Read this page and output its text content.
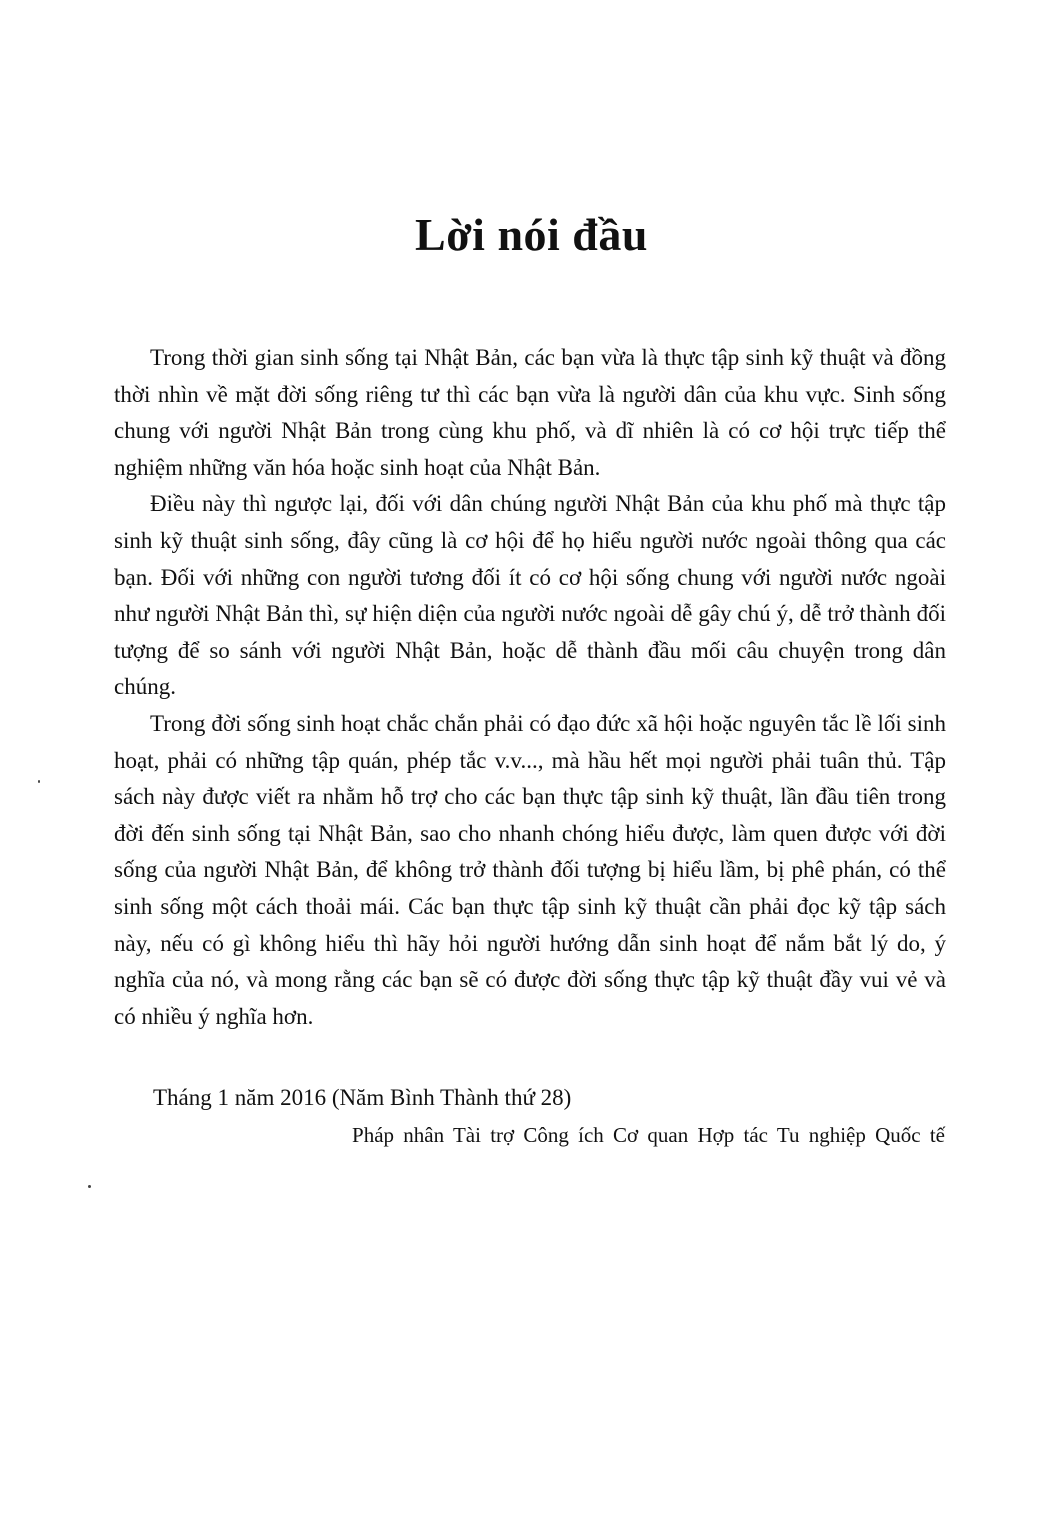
Lời nói đầu

Trong thời gian sinh sống tại Nhật Bản, các bạn vừa là thực tập sinh kỹ thuật và đồng thời nhìn về mặt đời sống riêng tư thì các bạn vừa là người dân của khu vực. Sinh sống chung với người Nhật Bản trong cùng khu phố, và dĩ nhiên là có cơ hội trực tiếp thể nghiệm những văn hóa hoặc sinh hoạt của Nhật Bản.

Điều này thì ngược lại, đối với dân chúng người Nhật Bản của khu phố mà thực tập sinh kỹ thuật sinh sống, đây cũng là cơ hội để họ hiểu người nước ngoài thông qua các bạn. Đối với những con người tương đối ít có cơ hội sống chung với người nước ngoài như người Nhật Bản thì, sự hiện diện của người nước ngoài dễ gây chú ý, dễ trở thành đối tượng để so sánh với người Nhật Bản, hoặc dễ thành đầu mối câu chuyện trong dân chúng.

Trong đời sống sinh hoạt chắc chắn phải có đạo đức xã hội hoặc nguyên tắc lề lối sinh hoạt, phải có những tập quán, phép tắc v.v..., mà hầu hết mọi người phải tuân thủ. Tập sách này được viết ra nhằm hỗ trợ cho các bạn thực tập sinh kỹ thuật, lần đầu tiên trong đời đến sinh sống tại Nhật Bản, sao cho nhanh chóng hiểu được, làm quen được với đời sống của người Nhật Bản, để không trở thành đối tượng bị hiểu lầm, bị phê phán, có thể sinh sống một cách thoải mái. Các bạn thực tập sinh kỹ thuật cần phải đọc kỹ tập sách này, nếu có gì không hiểu thì hãy hỏi người hướng dẫn sinh hoạt để nắm bắt lý do, ý nghĩa của nó, và mong rằng các bạn sẽ có được đời sống thực tập kỹ thuật đầy vui vẻ và có nhiều ý nghĩa hơn.

Tháng 1 năm 2016 (Năm Bình Thành thứ 28)

Pháp nhân Tài trợ Công ích Cơ quan Hợp tác Tu nghiệp Quốc tế
